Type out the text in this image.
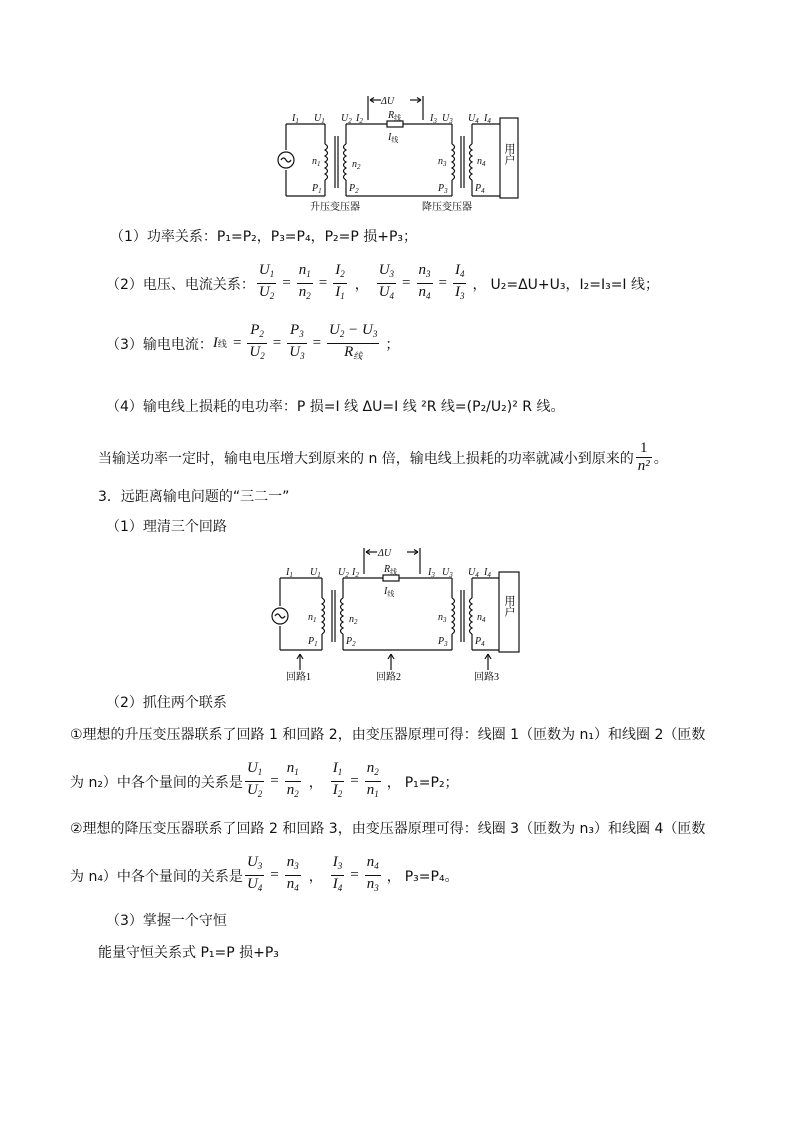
ΔU
$R_线$
$I_线$
$I_1$ $U_1$ $U_2$ $I_2$	$I_3$ $U_3$ $U_4$ $I_4$
$n_1$	$n_2$	$n_3$	$n_4$
$P_1$	$P_2$	$P_3$	$P_4$
用户
升压变压器	降压变压器
（1）功率关系：P₁=P₂，P₃=P₄，P₂=P 损+P₃；
（2）电压、电流关系： $\frac{U_1}{U_2} = \frac{n_1}{n_2} = \frac{I_2}{I_1}$ ， $\frac{U_3}{U_4} = \frac{n_3}{n_4} = \frac{I_4}{I_3}$ ， U₂=ΔU+U₃，I₂=I₃=I 线；
（3）输电电流： I 线 = $\frac{P_2}{U_2} = \frac{P_3}{U_3} = \frac{U_2 - U_3}{R_线}$ ；
（4）输电线上损耗的电功率：P 损=I 线 ΔU=I 线 ²R 线=(P₂/U₂)² R 线。
当输送功率一定时，输电电压增大到原来的 n 倍，输电线上损耗的功率就减小到原来的 $\frac{1}{\text{n²}}$ 。
3．远距离输电问题的“三二一”
（1）理清三个回路
ΔU
$R_线$
$I_线$
$I_1$ $U_1$ $U_2$ $I_2$	$I_3$ $U_3$ $U_4$ $I_4$
$n_1$	$n_2$	$n_3$	$n_4$
$P_1$	$P_2$	$P_3$	$P_4$
用户
回路1	回路2	回路3
（2）抓住两个联系
①理想的升压变压器联系了回路 1 和回路 2，由变压器原理可得：线圈 1（匝数为 n₁）和线圈 2（匝数
为 n₂）中各个量间的关系是 $\frac{U_1}{U_2} = \frac{n_1}{n_2}$ ， $\frac{I_1}{I_2} = \frac{n_2}{n_1}$ ， P₁=P₂；
②理想的降压变压器联系了回路 2 和回路 3，由变压器原理可得：线圈 3（匝数为 n₃）和线圈 4（匝数
为 n₄）中各个量间的关系是 $\frac{U_3}{U_4} = \frac{n_3}{n_4}$ ， $\frac{I_3}{I_4} = \frac{n_4}{n_3}$ ， P₃=P₄。
（3）掌握一个守恒
能量守恒关系式 P₁=P 损+P₃
